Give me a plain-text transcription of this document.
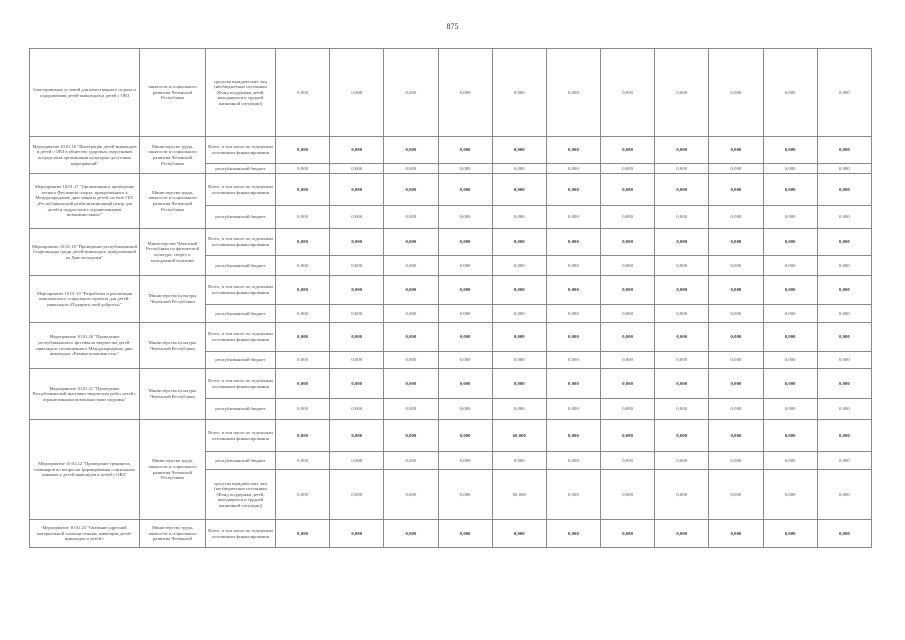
875
благоприятных условий для качественного отдыха и оздоровления детей-инвалидов и детей с ОВЗ	занятости и социального развития Чеченской Республики	средства юридических лиц (необюджетные источники (Фонд поддержки детей, находящихся в трудной жизненной ситуации))	0,000	0,000	0,000	0,000	0,000	0,000	0,000	0,000	0,000	0,000	0,000
Мероприятие 10.01.16 "Интеграция детей-инвалидов и детей с ОВЗ в общество здоровых сверстников посредством организации культурно-досуговых мероприятий"	Министерство труда, занятости и социального развития Чеченской Республики	Всего, в том числе по отдельным источникам финансирования	0,000	0,000	0,000	0,000	0,000	0,000	0,000	0,000	0,000	0,000	0,000
		республиканский бюджет	0,000	0,000	0,000	0,000	0,000	0,000	0,000	0,000	0,000	0,000	0,000
Мероприятие 10.01.17 "Организация и проведение летнего Фестиваля спорта, приуроченного к Международному дню защиты детей, на базе ГБУ «Республиканский реабилитационный центр для детей и подростков с ограниченными возможностями»"	Министерство труда, занятости и социального развития Чеченской Республики	Всего, в том числе по отдельным источникам финансирования	0,000	0,000	0,000	0,000	0,000	0,000	0,000	0,000	0,000	0,000	0,000
		республиканский бюджет	0,000	0,000	0,000	0,000	0,000	0,000	0,000	0,000	0,000	0,000	0,000
Мероприятие 10.01.18 "Проведение республиканской Спартакиады среди детей-инвалидов, приуроченной ко Дню молодежи"	Министерство Чеченской Республики по физической культуре, спорту и молодежной политике	Всего, в том числе по отдельным источникам финансирования	0,000	0,000	0,000	0,000	0,000	0,000	0,000	0,000	0,000	0,000	0,000
		республиканский бюджет	0,000	0,000	0,000	0,000	0,000	0,000	0,000	0,000	0,000	0,000	0,000
Мероприятие 10.01.19 "Разработка и реализация комплексного социального проекта для детей-инвалидов «Подарить свой доброты»"	Министерство культуры Чеченской Республики	Всего, в том числе по отдельным источникам финансирования	0,000	0,000	0,000	0,000	0,000	0,000	0,000	0,000	0,000	0,000	0,000
		республиканский бюджет	0,000	0,000	0,000	0,000	0,000	0,000	0,000	0,000	0,000	0,000	0,000
Мероприятие 10.01.20 "Проведение республиканского фестиваля творчества детей-инвалидов, посвященного Международному дню инвалидов «Равные возможности»"	Министерство культуры Чеченской Республики	Всего, в том числе по отдельным источникам финансирования	0,000	0,000	0,000	0,000	0,000	0,000	0,000	0,000	0,000	0,000	0,000
		республиканский бюджет	0,000	0,000	0,000	0,000	0,000	0,000	0,000	0,000	0,000	0,000	0,000
Мероприятие 10.01.21 "Проведение Республиканской выставки творческих работ детей с ограниченными возможностями здоровья"	Министерство культуры Чеченской Республики	Всего, в том числе по отдельным источникам финансирования	0,000	0,000	0,000	0,000	0,000	0,000	0,000	0,000	0,000	0,000	0,000
		республиканский бюджет	0,000	0,000	0,000	0,000	0,000	0,000	0,000	0,000	0,000	0,000	0,000
Мероприятие 10.01.22 "Проведение тренингов, семинаров по вопросам формирования социальных навыков у детей-инвалидов и детей с ОВЗ"	Министерство труда, занятости и социального развития Чеченской Республики	Всего, в том числе по отдельным источникам финансирования	0,000	0,000	0,000	0,000	60,000	0,000	0,000	0,000	0,000	0,000	0,000
		республиканский бюджет	0,000	0,000	0,000	0,000	0,000	0,000	0,000	0,000	0,000	0,000	0,000
		средства юридических лиц (необюджетные источники (Фонд поддержки детей, находящихся в трудной жизненной ситуации))	0,000	0,000	0,000	0,000	60,000	0,000	0,000	0,000	0,000	0,000	0,000
Мероприятие 10.01.23 "Оказание адресной материальной помощи семьям, имеющим детей-инвалидов и детей с	Министерство труда, занятости и социального развития Чеченской	Всего, в том числе по отдельным источникам финансирования	0,000	0,000	0,000	0,000	0,000	0,000	0,000	0,000	0,000	0,000	0,000
